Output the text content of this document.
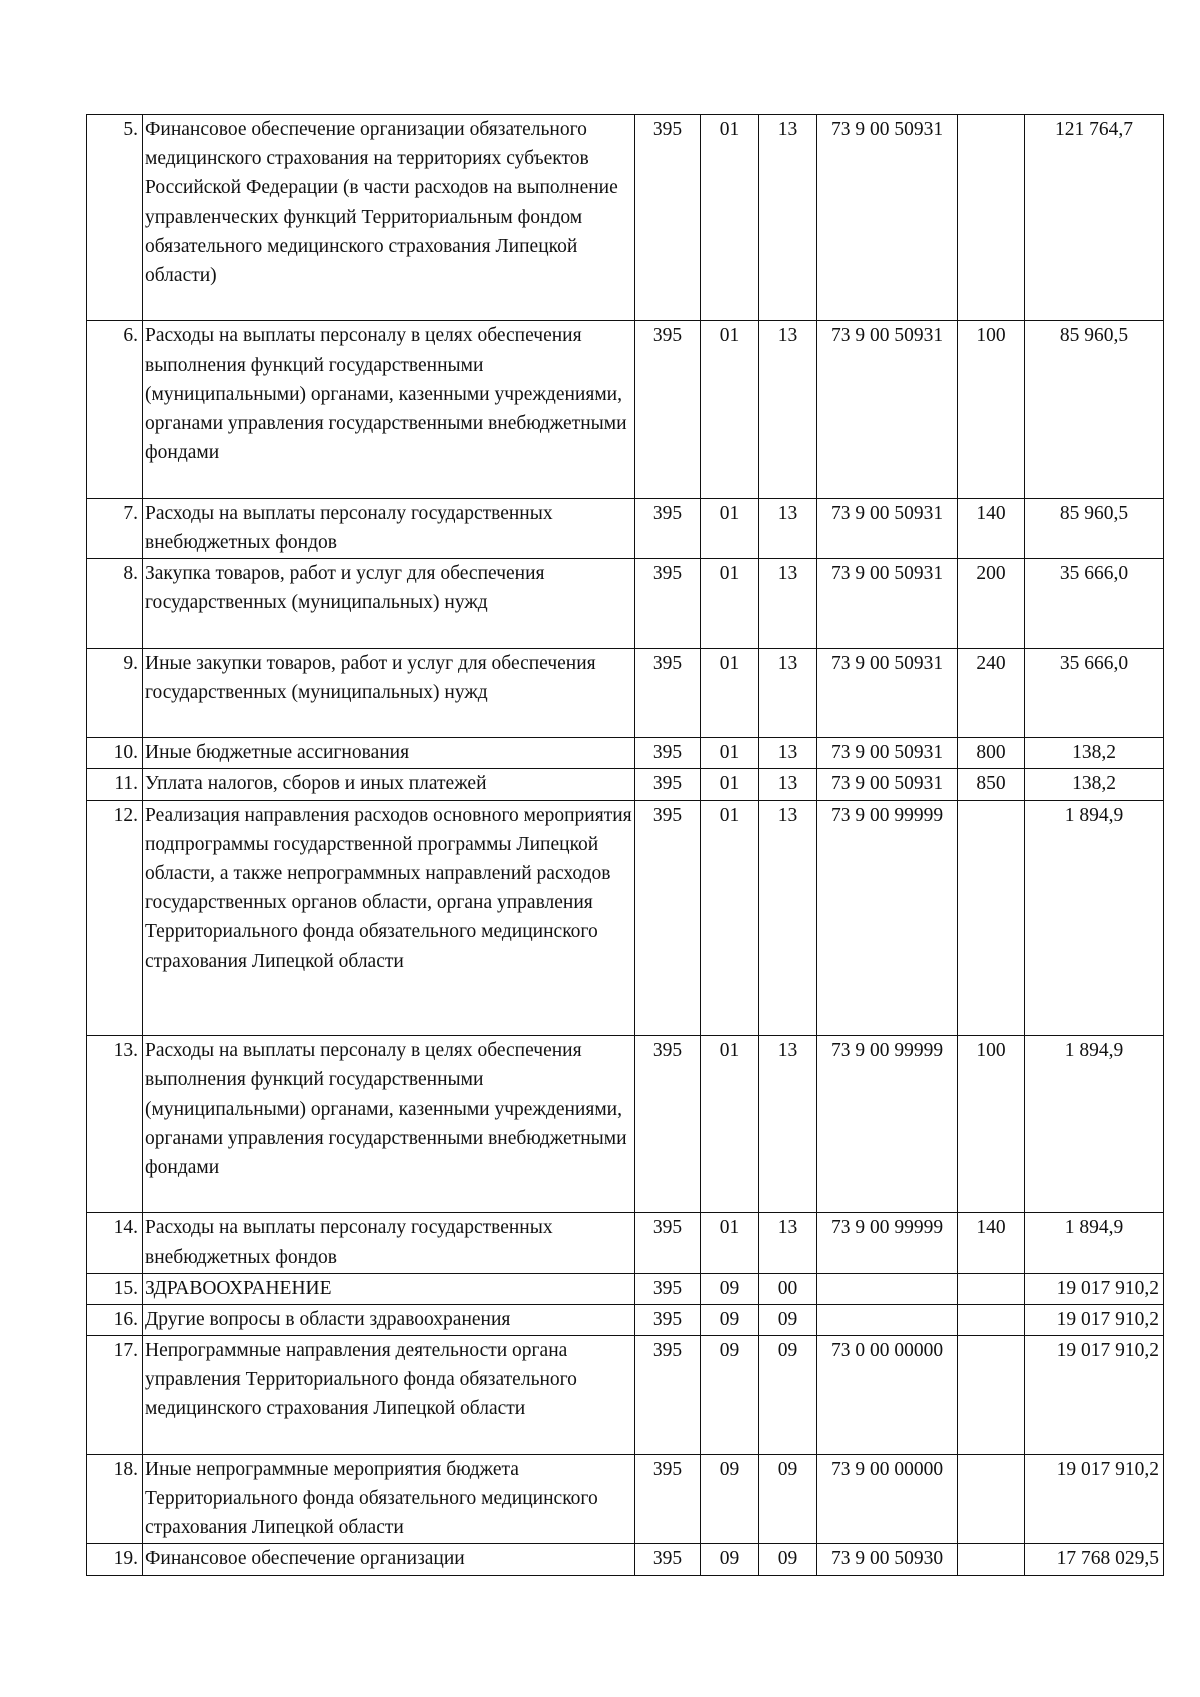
5.	Финансовое обеспечение организации обязательного медицинского страхования на территориях субъектов Российской Федерации (в части расходов на выполнение управленческих функций Территориальным фондом обязательного медицинского страхования Липецкой области)	395	01	13	73 9 00 50931		121 764,7
6.	Расходы на выплаты персоналу в целях обеспечения выполнения функций государственными (муниципальными) органами, казенными учреждениями, органами управления государственными внебюджетными фондами	395	01	13	73 9 00 50931	100	85 960,5
7.	Расходы на выплаты персоналу государственных внебюджетных фондов	395	01	13	73 9 00 50931	140	85 960,5
8.	Закупка товаров, работ и услуг для обеспечения государственных (муниципальных) нужд	395	01	13	73 9 00 50931	200	35 666,0
9.	Иные закупки товаров, работ и услуг для обеспечения государственных (муниципальных) нужд	395	01	13	73 9 00 50931	240	35 666,0
10.	Иные бюджетные ассигнования	395	01	13	73 9 00 50931	800	138,2
11.	Уплата налогов, сборов и иных платежей	395	01	13	73 9 00 50931	850	138,2
12.	Реализация направления расходов основного мероприятия подпрограммы государственной программы Липецкой области, а также непрограммных направлений расходов государственных органов области, органа управления Территориального фонда обязательного медицинского страхования Липецкой области	395	01	13	73 9 00 99999		1 894,9
13.	Расходы на выплаты персоналу в целях обеспечения выполнения функций государственными (муниципальными) органами, казенными учреждениями, органами управления государственными внебюджетными фондами	395	01	13	73 9 00 99999	100	1 894,9
14.	Расходы на выплаты персоналу государственных внебюджетных фондов	395	01	13	73 9 00 99999	140	1 894,9
15.	ЗДРАВООХРАНЕНИЕ	395	09	00			19 017 910,2
16.	Другие вопросы в области здравоохранения	395	09	09			19 017 910,2
17.	Непрограммные направления деятельности органа управления Территориального фонда обязательного медицинского страхования Липецкой области	395	09	09	73 0 00 00000		19 017 910,2
18.	Иные непрограммные мероприятия бюджета Территориального фонда обязательного медицинского страхования Липецкой области	395	09	09	73 9 00 00000		19 017 910,2
19.	Финансовое обеспечение организации	395	09	09	73 9 00 50930		17 768 029,5
